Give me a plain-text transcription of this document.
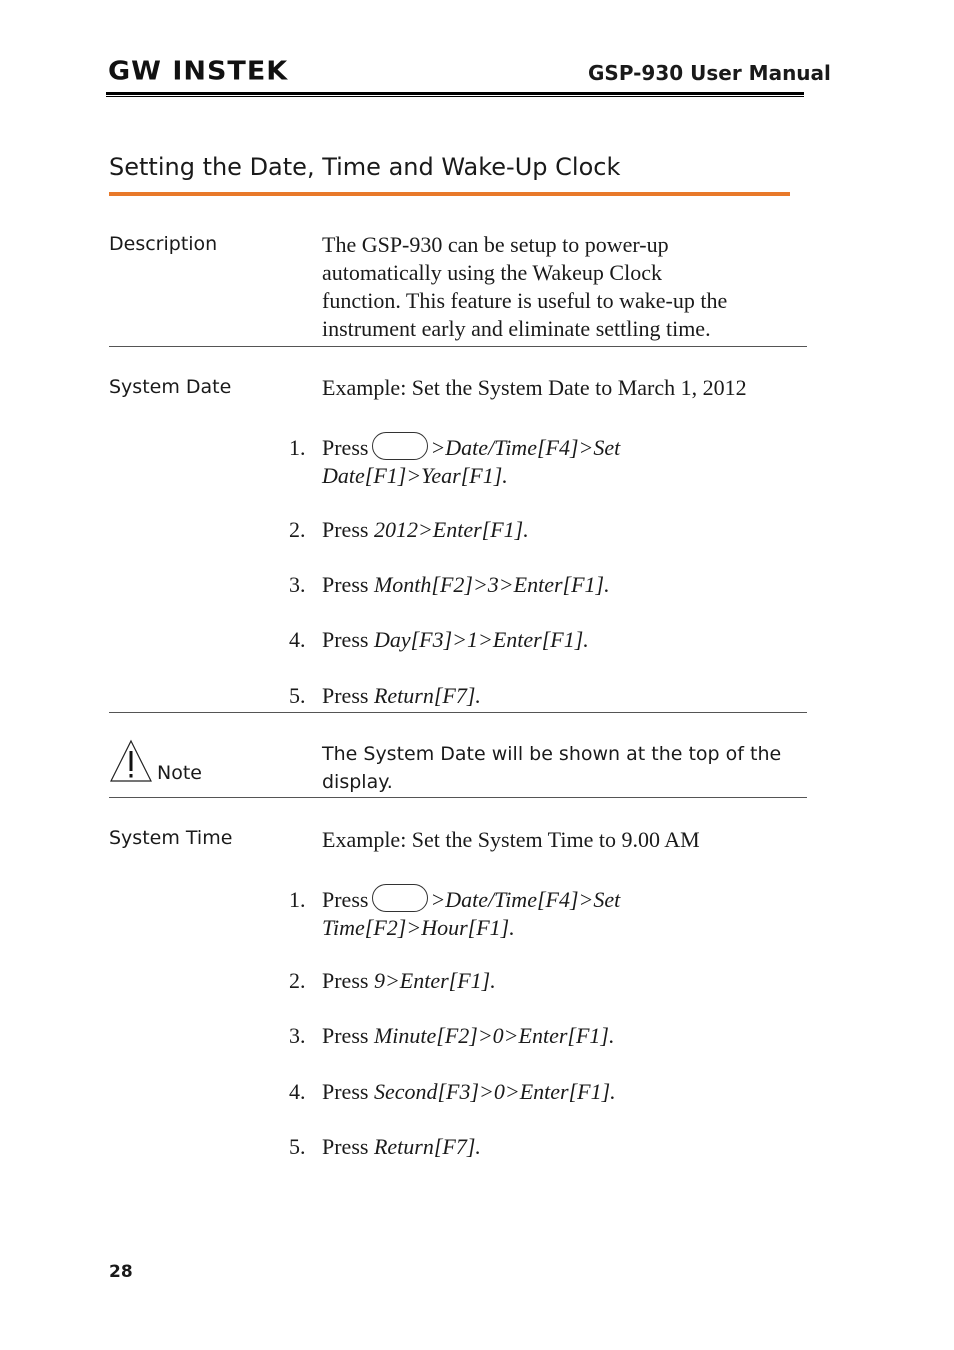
GW INSTEK	GSP-930 User Manual
Setting the Date, Time and Wake-Up Clock
Description	The GSP-930 can be setup to power-up
automatically using the Wakeup Clock
function. This feature is useful to wake-up the
instrument early and eliminate settling time.
System Date	Example: Set the System Date to March 1, 2012
1. Press	>Date/Time[F4]>Set
Date[F1]>Year[F1].
2. Press 2012>Enter[F1].
3. Press Month[F2]>3>Enter[F1].
4. Press Day[F3]>1>Enter[F1].
5. Press Return[F7].
Note
The System Date will be shown at the top of the
display.
System Time	Example: Set the System Time to 9.00 AM
1. Press	>Date/Time[F4]>Set
Time[F2]>Hour[F1].
2. Press 9>Enter[F1].
3. Press Minute[F2]>0>Enter[F1].
4. Press Second[F3]>0>Enter[F1].
5. Press Return[F7].
28
